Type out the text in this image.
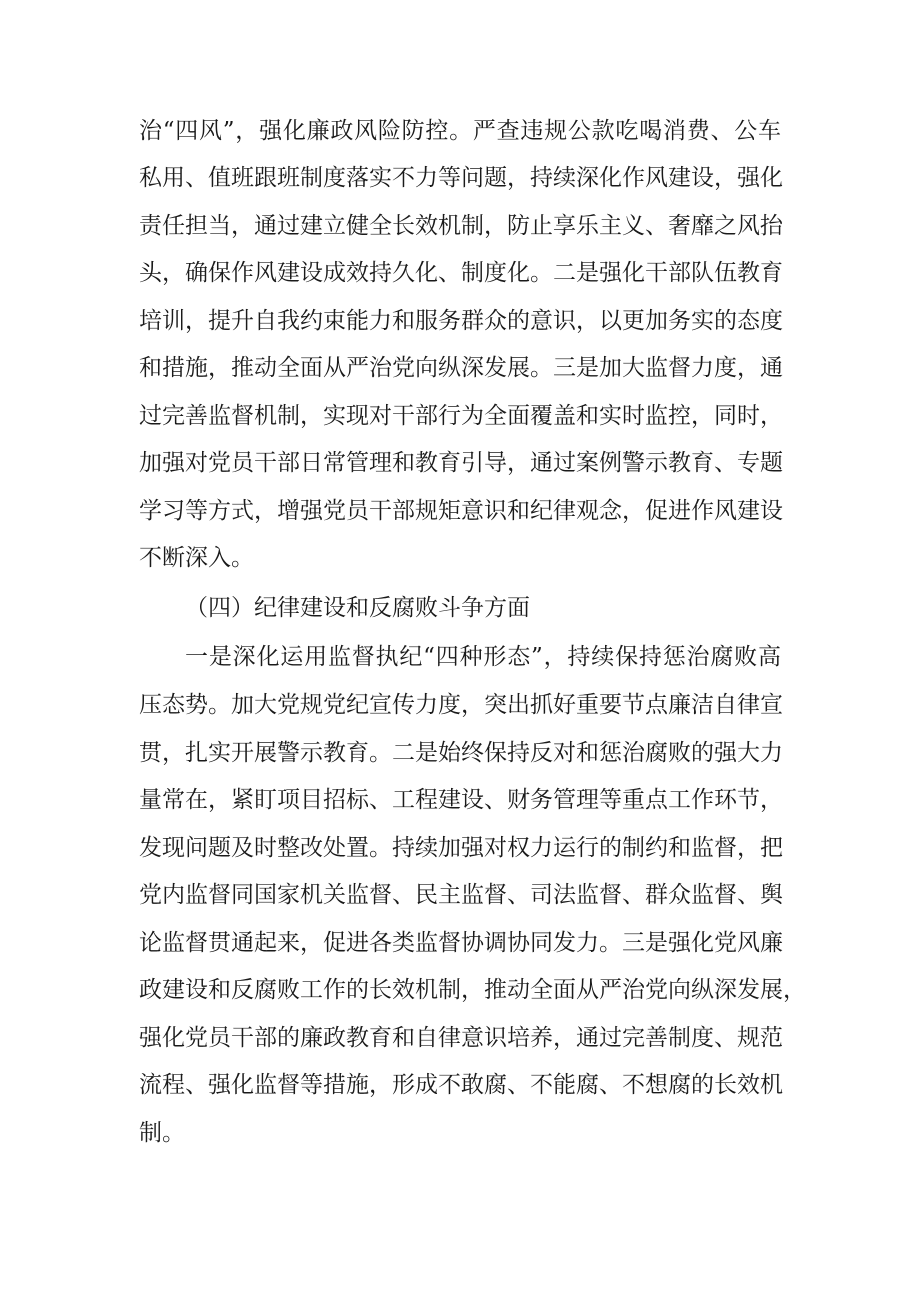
治“四风”，强化廉政风险防控。严查违规公款吃喝消费、公车
私用、值班跟班制度落实不力等问题，持续深化作风建设，强化
责任担当，通过建立健全长效机制，防止享乐主义、奢靡之风抬
头，确保作风建设成效持久化、制度化。二是强化干部队伍教育
培训，提升自我约束能力和服务群众的意识，以更加务实的态度
和措施，推动全面从严治党向纵深发展。三是加大监督力度，通
过完善监督机制，实现对干部行为全面覆盖和实时监控，同时，
加强对党员干部日常管理和教育引导，通过案例警示教育、专题
学习等方式，增强党员干部规矩意识和纪律观念，促进作风建设
不断深入。
（四）纪律建设和反腐败斗争方面
一是深化运用监督执纪“四种形态”，持续保持惩治腐败高
压态势。加大党规党纪宣传力度，突出抓好重要节点廉洁自律宣
贯，扎实开展警示教育。二是始终保持反对和惩治腐败的强大力
量常在，紧盯项目招标、工程建设、财务管理等重点工作环节，
发现问题及时整改处置。持续加强对权力运行的制约和监督，把
党内监督同国家机关监督、民主监督、司法监督、群众监督、舆
论监督贯通起来，促进各类监督协调协同发力。三是强化党风廉
政建设和反腐败工作的长效机制，推动全面从严治党向纵深发展，
强化党员干部的廉政教育和自律意识培养，通过完善制度、规范
流程、强化监督等措施，形成不敢腐、不能腐、不想腐的长效机
制。
